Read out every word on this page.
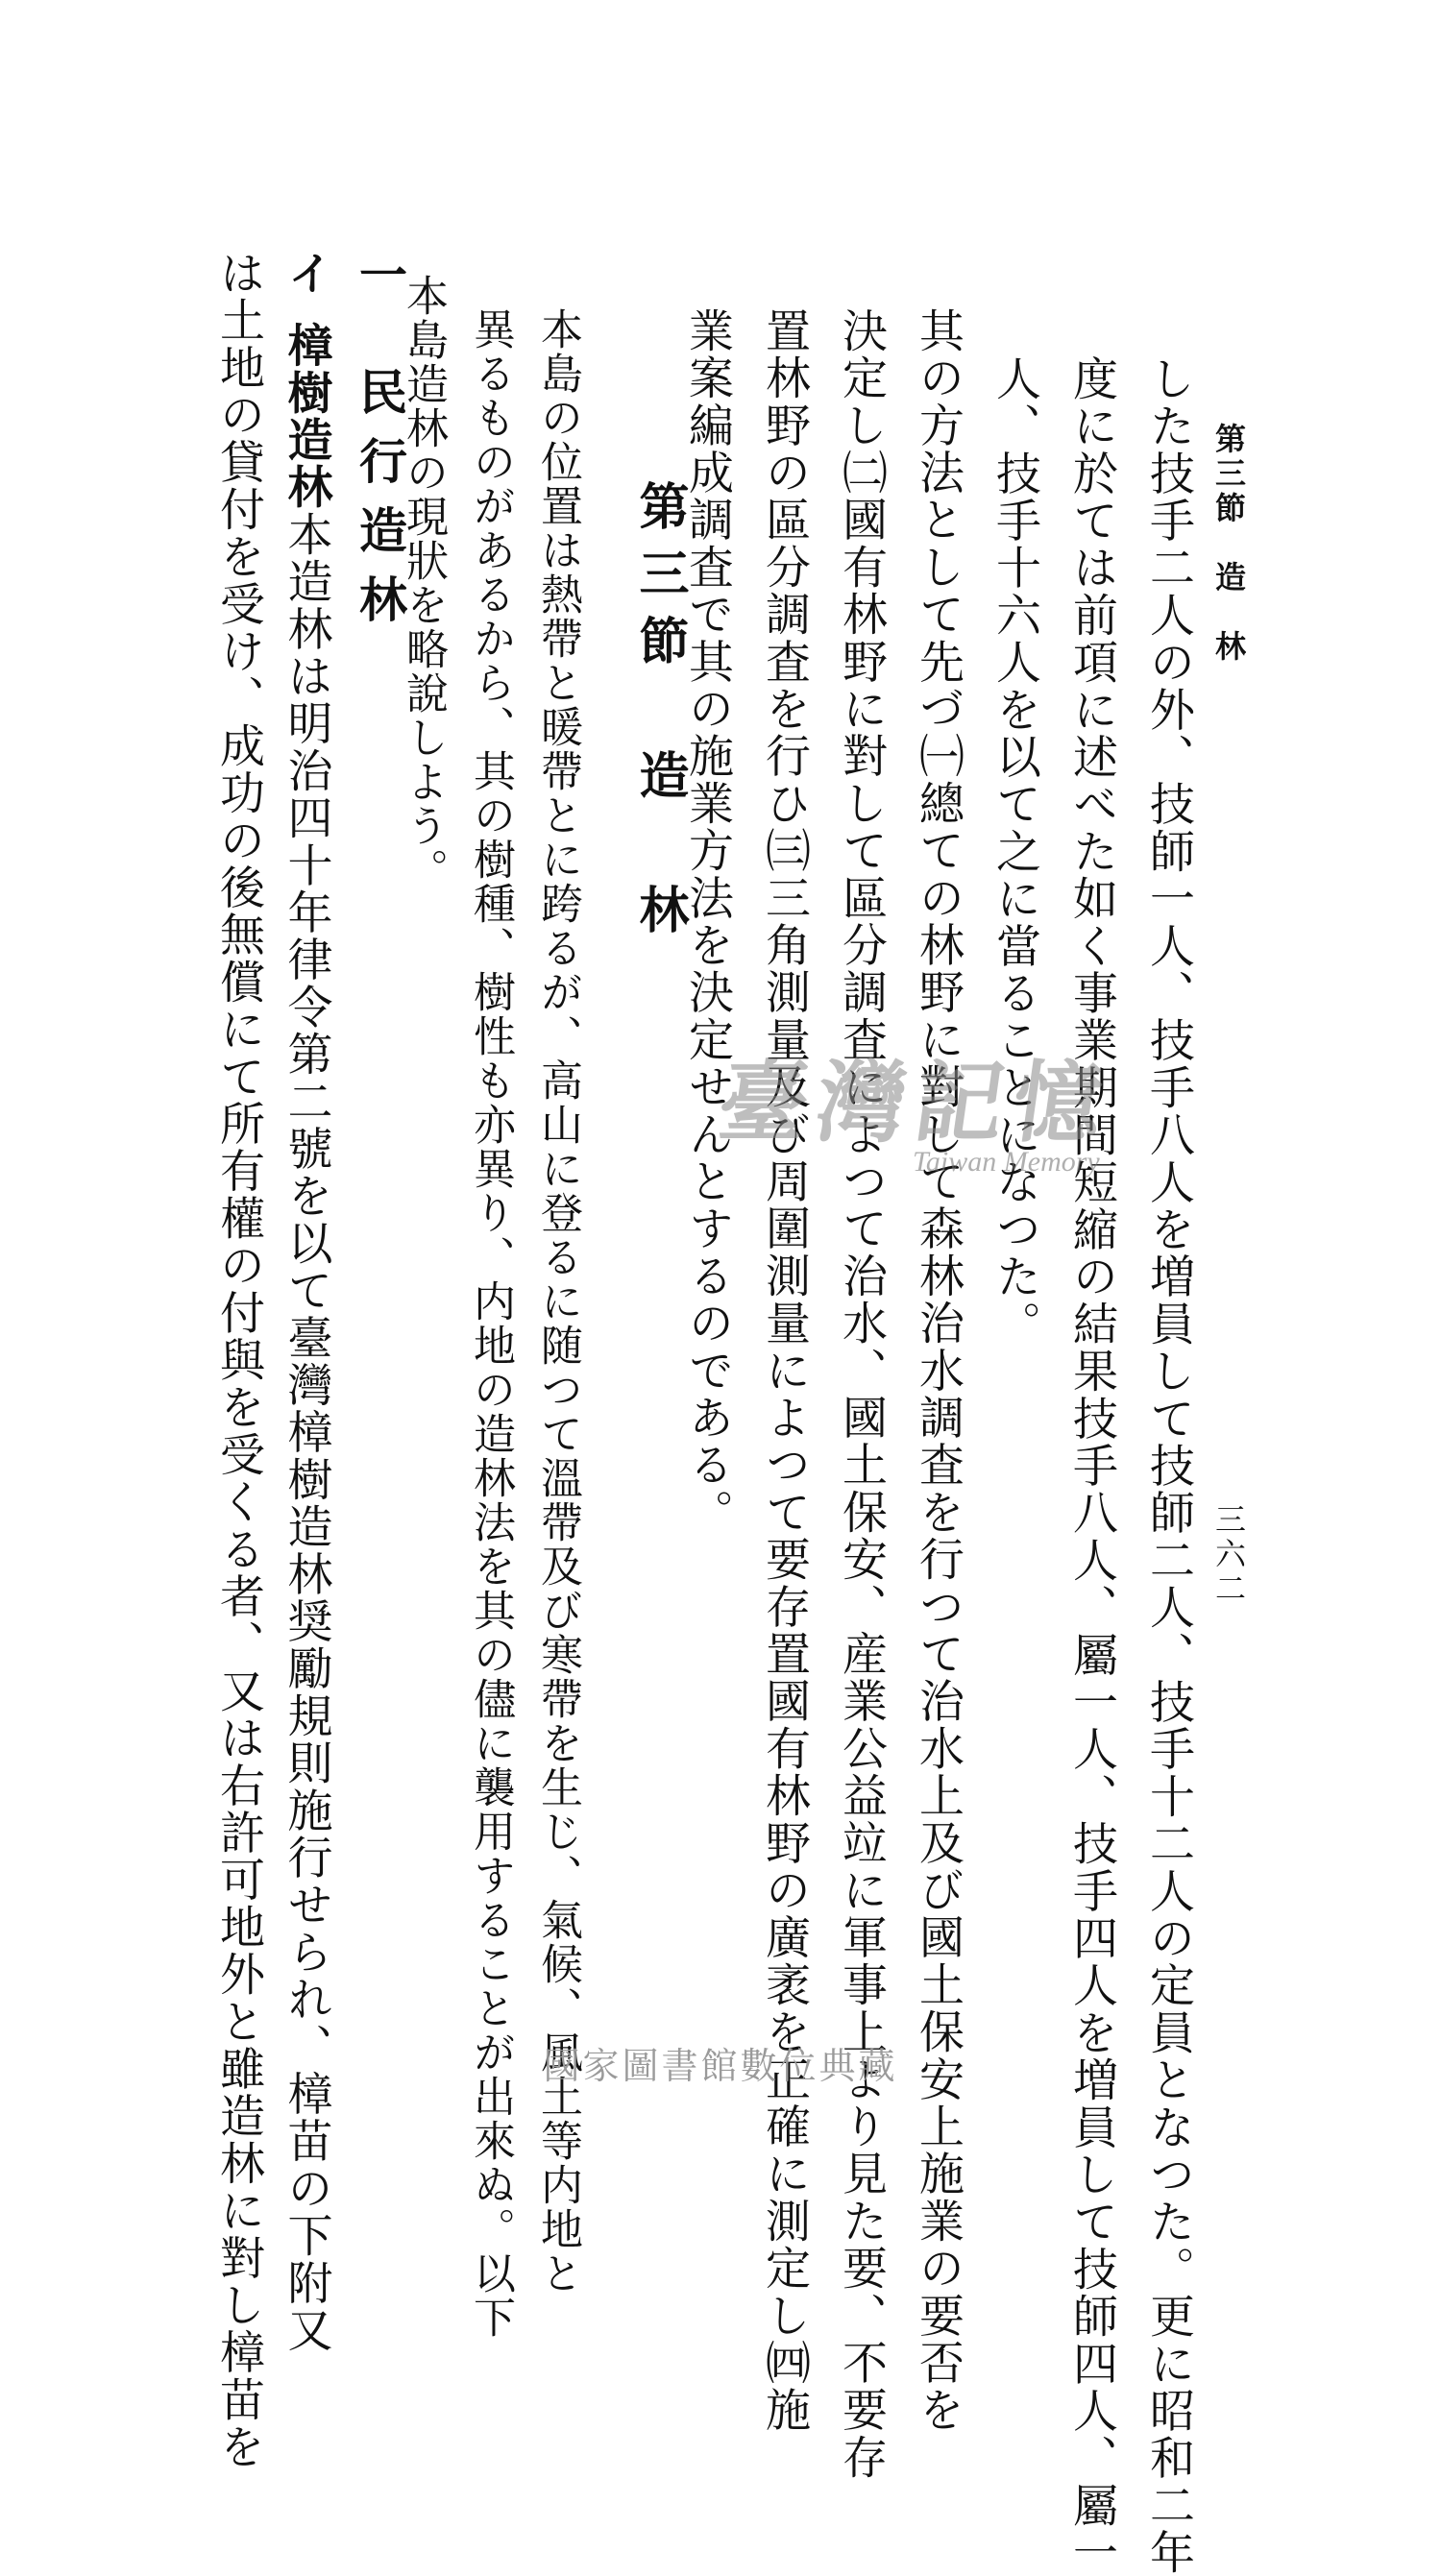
第三節　造　林
三六二
した技手二人の外、技師一人、技手八人を増員して技師二人、技手十二人の定員となつた。更に昭和二年
度に於ては前項に述べた如く事業期間短縮の結果技手八人、屬一人、技手四人を増員して技師四人、屬一
人、技手十六人を以て之に當ることになつた。
其の方法として先づ㈠總ての林野に對して森林治水調査を行つて治水上及び國土保安上施業の要否を
決定し㈡國有林野に對して區分調査によつて治水、國土保安、産業公益竝に軍事上より見た要、不要存
置林野の區分調査を行ひ㈢三角測量及び周圍測量によつて要存置國有林野の廣袤を正確に測定し㈣施
業案編成調査で其の施業方法を決定せんとするのである。
第三節　造　林
本島の位置は熱帶と暖帶とに跨るが、高山に登るに随つて溫帶及び寒帶を生じ、氣候、風土等内地と
異るものがあるから、其の樹種、樹性も亦異り、内地の造林法を其の儘に襲用することが出來ぬ。以下
本島造林の現狀を略說しよう。
一民行造林
イ樟樹造林本造林は明治四十年律令第二號を以て臺灣樟樹造林奨勵規則施行せられ、樟苗の下附又
は土地の貸付を受け、成功の後無償にて所有權の付與を受くる者、又は右許可地外と雖造林に對し樟苗を	臺灣記憶
Taiwan Memory
國家圖書館數位典藏
